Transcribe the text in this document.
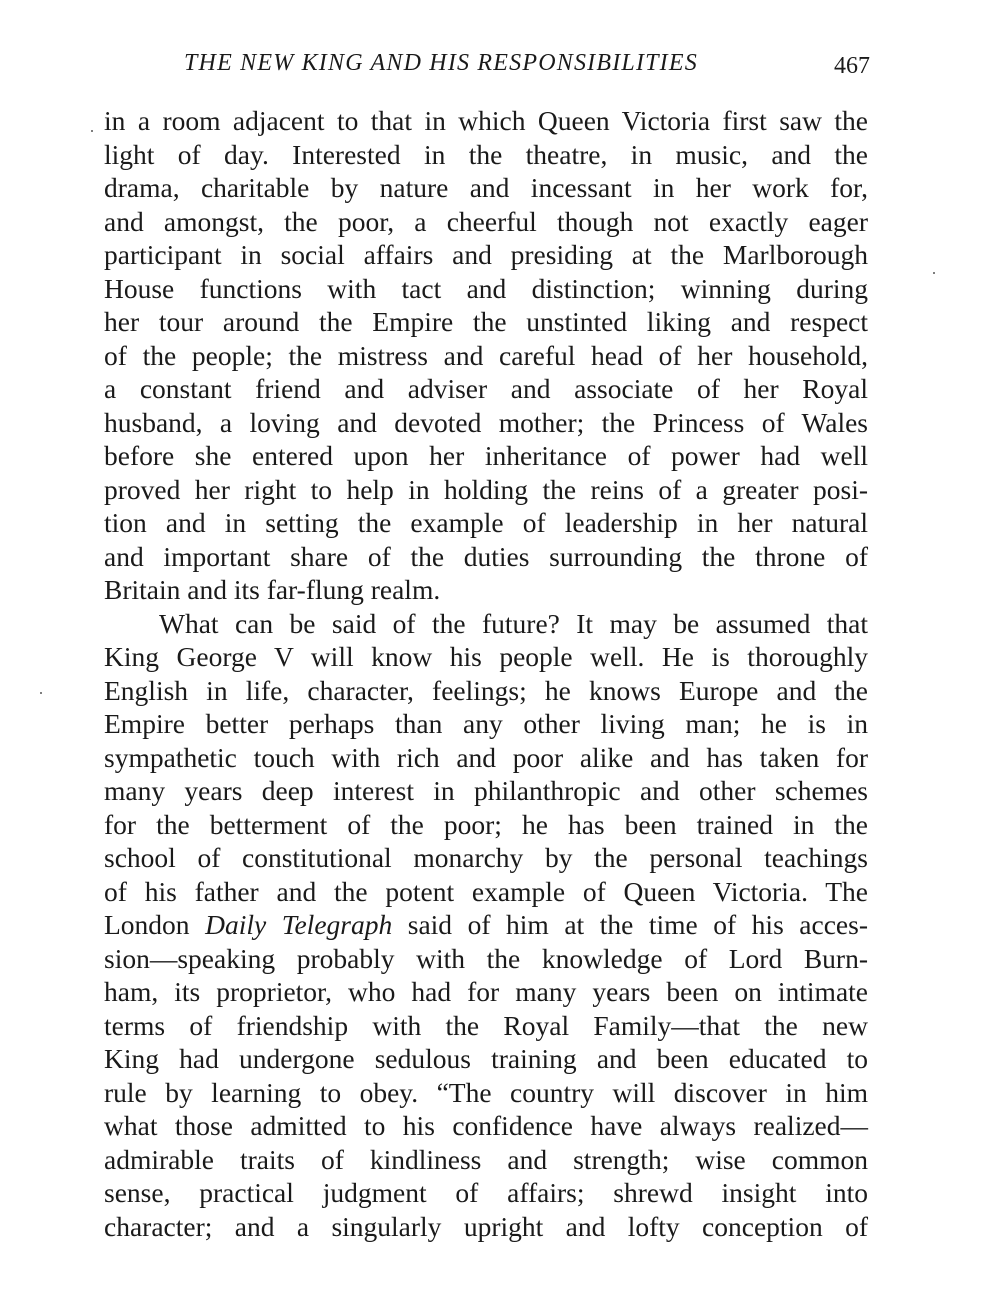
THE NEW KING AND HIS RESPONSIBILITIES	467
in a room adjacent to that in which Queen Victoria first saw the
light of day. Interested in the theatre, in music, and the
drama, charitable by nature and incessant in her work for,
and amongst, the poor, a cheerful though not exactly eager
participant in social affairs and presiding at the Marlborough
House functions with tact and distinction; winning during
her tour around the Empire the unstinted liking and respect
of the people; the mistress and careful head of her household,
a constant friend and adviser and associate of her Royal
husband, a loving and devoted mother; the Princess of Wales
before she entered upon her inheritance of power had well
proved her right to help in holding the reins of a greater posi-
tion and in setting the example of leadership in her natural
and important share of the duties surrounding the throne of
Britain and its far-flung realm.
What can be said of the future? It may be assumed that
King George V will know his people well. He is thoroughly
English in life, character, feelings; he knows Europe and the
Empire better perhaps than any other living man; he is in
sympathetic touch with rich and poor alike and has taken for
many years deep interest in philanthropic and other schemes
for the betterment of the poor; he has been trained in the
school of constitutional monarchy by the personal teachings
of his father and the potent example of Queen Victoria. The
London Daily Telegraph said of him at the time of his acces-
sion—speaking probably with the knowledge of Lord Burn-
ham, its proprietor, who had for many years been on intimate
terms of friendship with the Royal Family—that the new
King had undergone sedulous training and been educated to
rule by learning to obey. “The country will discover in him
what those admitted to his confidence have always realized—
admirable traits of kindliness and strength; wise common
sense, practical judgment of affairs; shrewd insight into
character; and a singularly upright and lofty conception of
